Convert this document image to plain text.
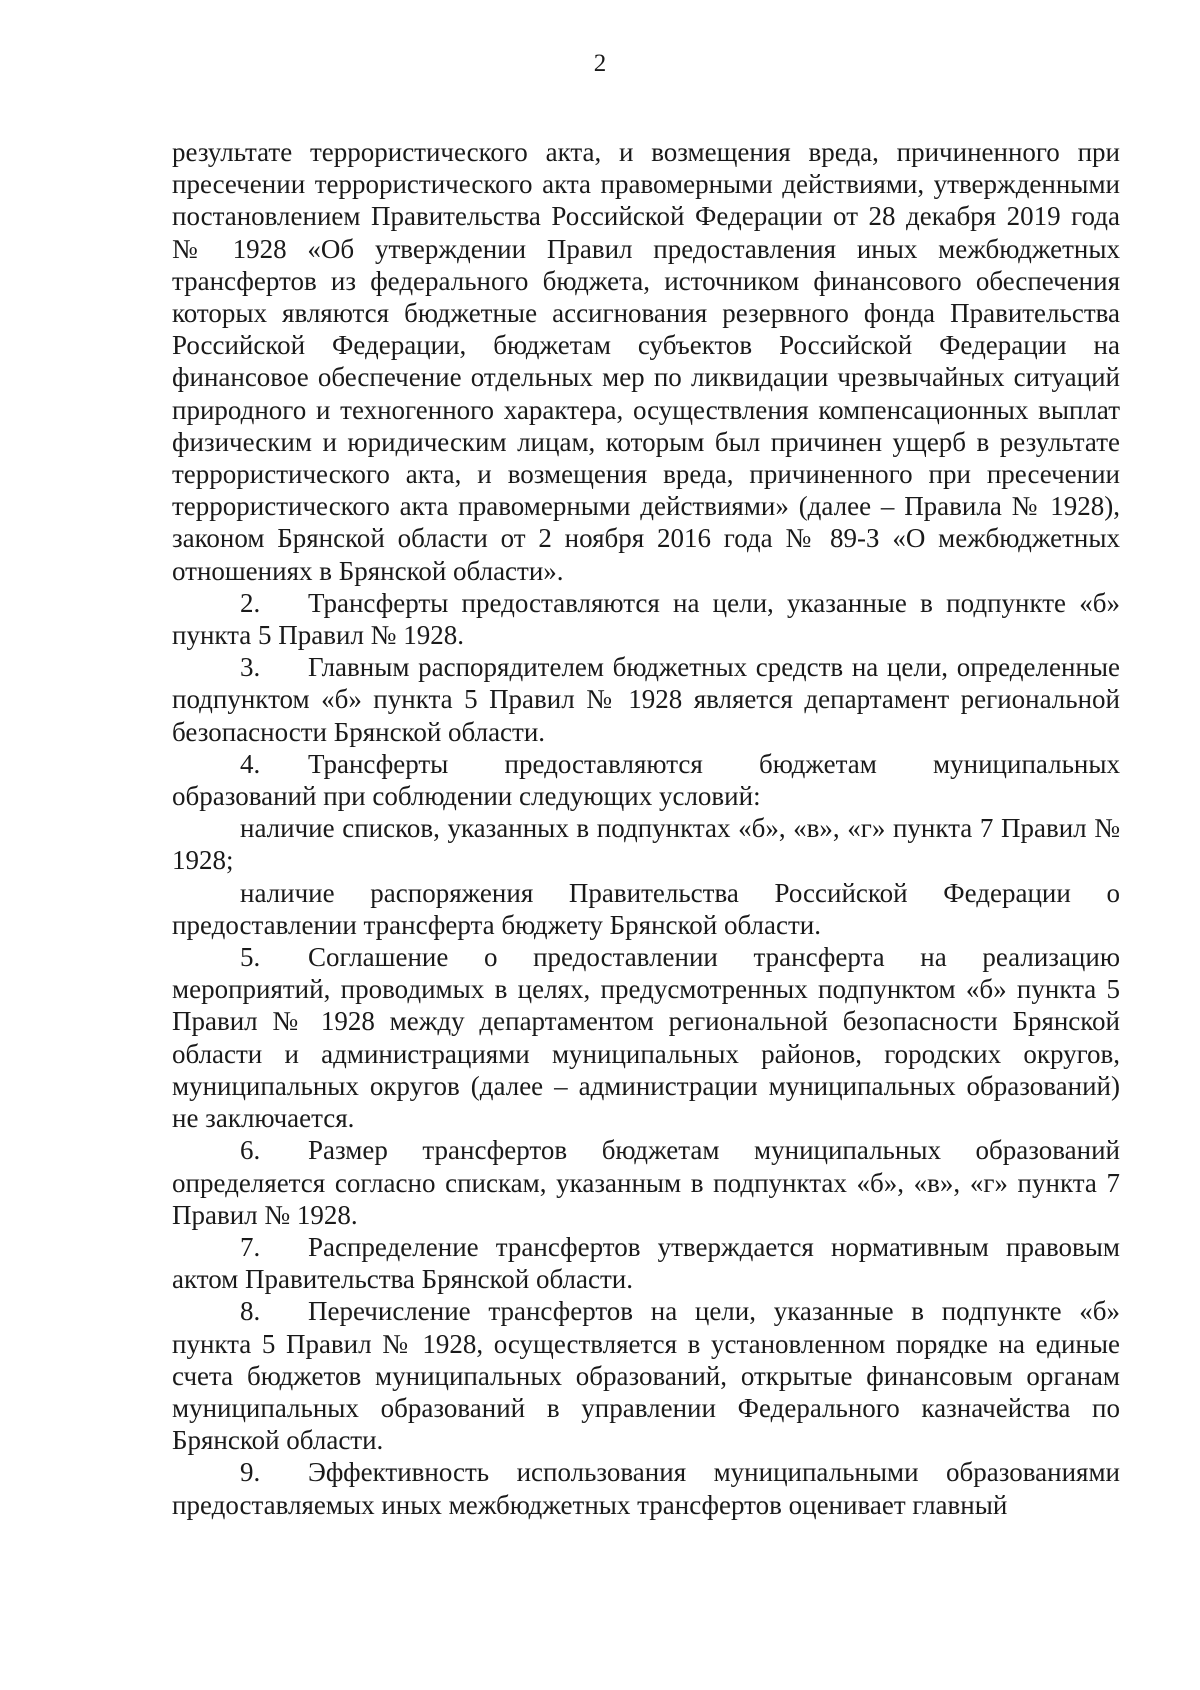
2

результате террористического акта, и возмещения вреда, причиненного при пресечении террористического акта правомерными действиями, утвержденными постановлением Правительства Российской Федерации от 28 декабря 2019 года № 1928 «Об утверждении Правил предоставления иных межбюджетных трансфертов из федерального бюджета, источником финансового обеспечения которых являются бюджетные ассигнования резервного фонда Правительства Российской Федерации, бюджетам субъектов Российской Федерации на финансовое обеспечение отдельных мер по ликвидации чрезвычайных ситуаций природного и техногенного характера, осуществления компенсационных выплат физическим и юридическим лицам, которым был причинен ущерб в результате террористического акта, и возмещения вреда, причиненного при пресечении террористического акта правомерными действиями» (далее – Правила № 1928), законом Брянской области от 2 ноября 2016 года № 89-З «О межбюджетных отношениях в Брянской области».

2. Трансферты предоставляются на цели, указанные в подпункте «б» пункта 5 Правил № 1928.

3. Главным распорядителем бюджетных средств на цели, определенные подпунктом «б» пункта 5 Правил № 1928 является департамент региональной безопасности Брянской области.

4. Трансферты предоставляются бюджетам муниципальных образований при соблюдении следующих условий:

наличие списков, указанных в подпунктах «б», «в», «г» пункта 7 Правил № 1928;

наличие распоряжения Правительства Российской Федерации о предоставлении трансферта бюджету Брянской области.

5. Соглашение о предоставлении трансферта на реализацию мероприятий, проводимых в целях, предусмотренных подпунктом «б» пункта 5 Правил № 1928 между департаментом региональной безопасности Брянской области и администрациями муниципальных районов, городских округов, муниципальных округов (далее – администрации муниципальных образований) не заключается.

6. Размер трансфертов бюджетам муниципальных образований определяется согласно спискам, указанным в подпунктах «б», «в», «г» пункта 7 Правил № 1928.

7. Распределение трансфертов утверждается нормативным правовым актом Правительства Брянской области.

8. Перечисление трансфертов на цели, указанные в подпункте «б» пункта 5 Правил № 1928, осуществляется в установленном порядке на единые счета бюджетов муниципальных образований, открытые финансовым органам муниципальных образований в управлении Федерального казначейства по Брянской области.

9. Эффективность использования муниципальными образованиями предоставляемых иных межбюджетных трансфертов оценивает главный
